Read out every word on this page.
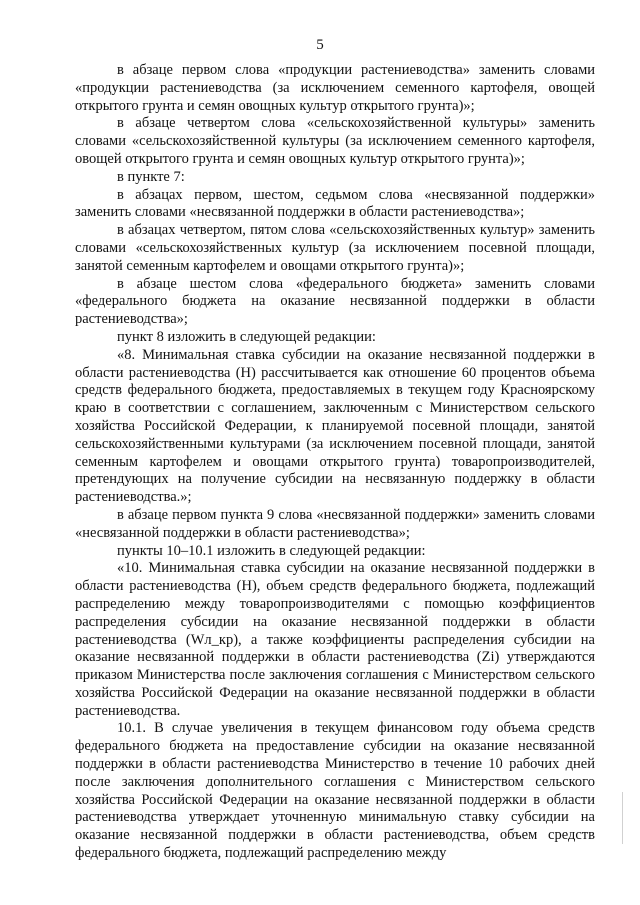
5

в абзаце первом слова «продукции растениеводства» заменить словами «продукции растениеводства (за исключением семенного картофеля, овощей открытого грунта и семян овощных культур открытого грунта)»;

в абзаце четвертом слова «сельскохозяйственной культуры» заменить словами «сельскохозяйственной культуры (за исключением семенного картофеля, овощей открытого грунта и семян овощных культур открытого грунта)»;

в пункте 7:

в абзацах первом, шестом, седьмом слова «несвязанной поддержки» заменить словами «несвязанной поддержки в области растениеводства»;

в абзацах четвертом, пятом слова «сельскохозяйственных культур» заменить словами «сельскохозяйственных культур (за исключением посевной площади, занятой семенным картофелем и овощами открытого грунта)»;

в абзаце шестом слова «федерального бюджета» заменить словами «федерального бюджета на оказание несвязанной поддержки в области растениеводства»;

пункт 8 изложить в следующей редакции:

«8. Минимальная ставка субсидии на оказание несвязанной поддержки в области растениеводства (Н) рассчитывается как отношение 60 процентов объема средств федерального бюджета, предоставляемых в текущем году Красноярскому краю в соответствии с соглашением, заключенным с Министерством сельского хозяйства Российской Федерации, к планируемой посевной площади, занятой сельскохозяйственными культурами (за исключением посевной площади, занятой семенным картофелем и овощами открытого грунта) товаропроизводителей, претендующих на получение субсидии на несвязанную поддержку в области растениеводства.»;

в абзаце первом пункта 9 слова «несвязанной поддержки» заменить словами «несвязанной поддержки в области растениеводства»;

пункты 10–10.1 изложить в следующей редакции:

«10. Минимальная ставка субсидии на оказание несвязанной поддержки в области растениеводства (Н), объем средств федерального бюджета, подлежащий распределению между товаропроизводителями с помощью коэффициентов распределения субсидии на оказание несвязанной поддержки в области растениеводства (Wл_кр), а также коэффициенты распределения субсидии на оказание несвязанной поддержки в области растениеводства (Zi) утверждаются приказом Министерства после заключения соглашения с Министерством сельского хозяйства Российской Федерации на оказание несвязанной поддержки в области растениеводства.

10.1. В случае увеличения в текущем финансовом году объема средств федерального бюджета на предоставление субсидии на оказание несвязанной поддержки в области растениеводства Министерство в течение 10 рабочих дней после заключения дополнительного соглашения с Министерством сельского хозяйства Российской Федерации на оказание несвязанной поддержки в области растениеводства утверждает уточненную минимальную ставку субсидии на оказание несвязанной поддержки в области растениеводства, объем средств федерального бюджета, подлежащий распределению между
